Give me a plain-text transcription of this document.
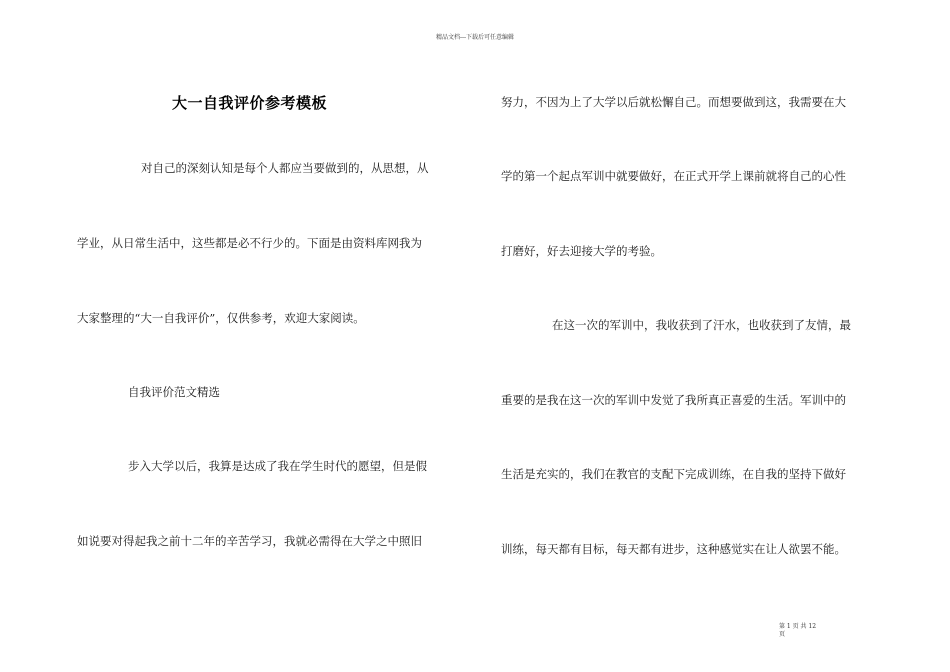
精品文档---下载后可任意编辑
大一自我评价参考模板
对自己的深刻认知是每个人都应当要做到的，从思想，从
学业，从日常生活中，这些都是必不行少的。下面是由资料库网我为
大家整理的“大一自我评价”，仅供参考，欢迎大家阅读。
自我评价范文精选
步入大学以后，我算是达成了我在学生时代的愿望，但是假
如说要对得起我之前十二年的辛苦学习，我就必需得在大学之中照旧
努力，不因为上了大学以后就松懈自己。而想要做到这，我需要在大
学的第一个起点军训中就要做好，在正式开学上课前就将自己的心性
打磨好，好去迎接大学的考验。
在这一次的军训中，我收获到了汗水，也收获到了友情，最
重要的是我在这一次的军训中发觉了我所真正喜爱的生活。军训中的
生活是充实的，我们在教官的支配下完成训练，在自我的坚持下做好
训练，每天都有目标，每天都有进步，这种感觉实在让人欲罢不能。
第 1 页 共 12
页
